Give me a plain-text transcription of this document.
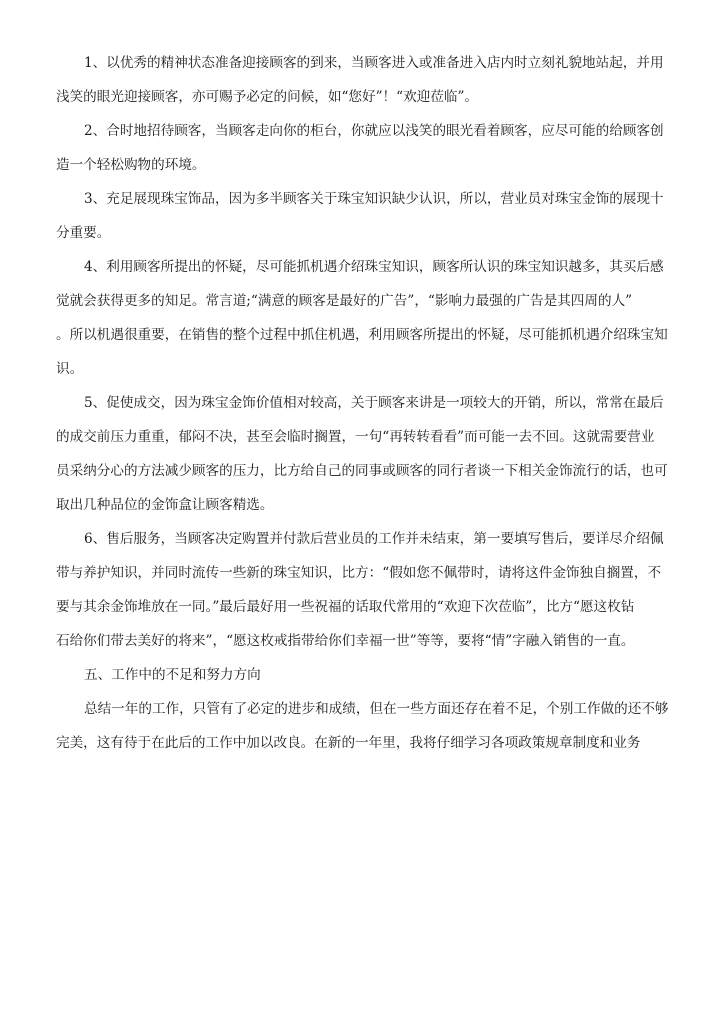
1、以优秀的精神状态准备迎接顾客的到来，当顾客进入或准备进入店内时立刻礼貌地站起，并用
浅笑的眼光迎接顾客，亦可赐予必定的问候，如“您好”！“欢迎莅临”。

2、合时地招待顾客，当顾客走向你的柜台，你就应以浅笑的眼光看着顾客，应尽可能的给顾客创
造一个轻松购物的环境。

3、充足展现珠宝饰品，因为多半顾客关于珠宝知识缺少认识，所以，营业员对珠宝金饰的展现十
分重要。

4、利用顾客所提出的怀疑，尽可能抓机遇介绍珠宝知识，顾客所认识的珠宝知识越多，其买后感
觉就会获得更多的知足。常言道;“满意的顾客是最好的广告”，“影响力最强的广告是其四周的人”
。所以机遇很重要，在销售的整个过程中抓住机遇，利用顾客所提出的怀疑，尽可能抓机遇介绍珠宝知
识。

5、促使成交，因为珠宝金饰价值相对较高，关于顾客来讲是一项较大的开销，所以，常常在最后
的成交前压力重重，郁闷不决，甚至会临时搁置，一句“再转转看看”而可能一去不回。这就需要营业
员采纳分心的方法减少顾客的压力，比方给自己的同事或顾客的同行者谈一下相关金饰流行的话，也可
取出几种品位的金饰盒让顾客精选。

6、售后服务，当顾客决定购置并付款后营业员的工作并未结束，第一要填写售后，要详尽介绍佩
带与养护知识，并同时流传一些新的珠宝知识，比方：“假如您不佩带时，请将这件金饰独自搁置，不
要与其余金饰堆放在一同。”最后最好用一些祝福的话取代常用的“欢迎下次莅临”，比方“愿这枚钻
石给你们带去美好的将来”，“愿这枚戒指带给你们幸福一世”等等，要将“情”字融入销售的一直。

五、工作中的不足和努力方向

总结一年的工作，只管有了必定的进步和成绩，但在一些方面还存在着不足，个别工作做的还不够
完美，这有待于在此后的工作中加以改良。在新的一年里，我将仔细学习各项政策规章制度和业务
